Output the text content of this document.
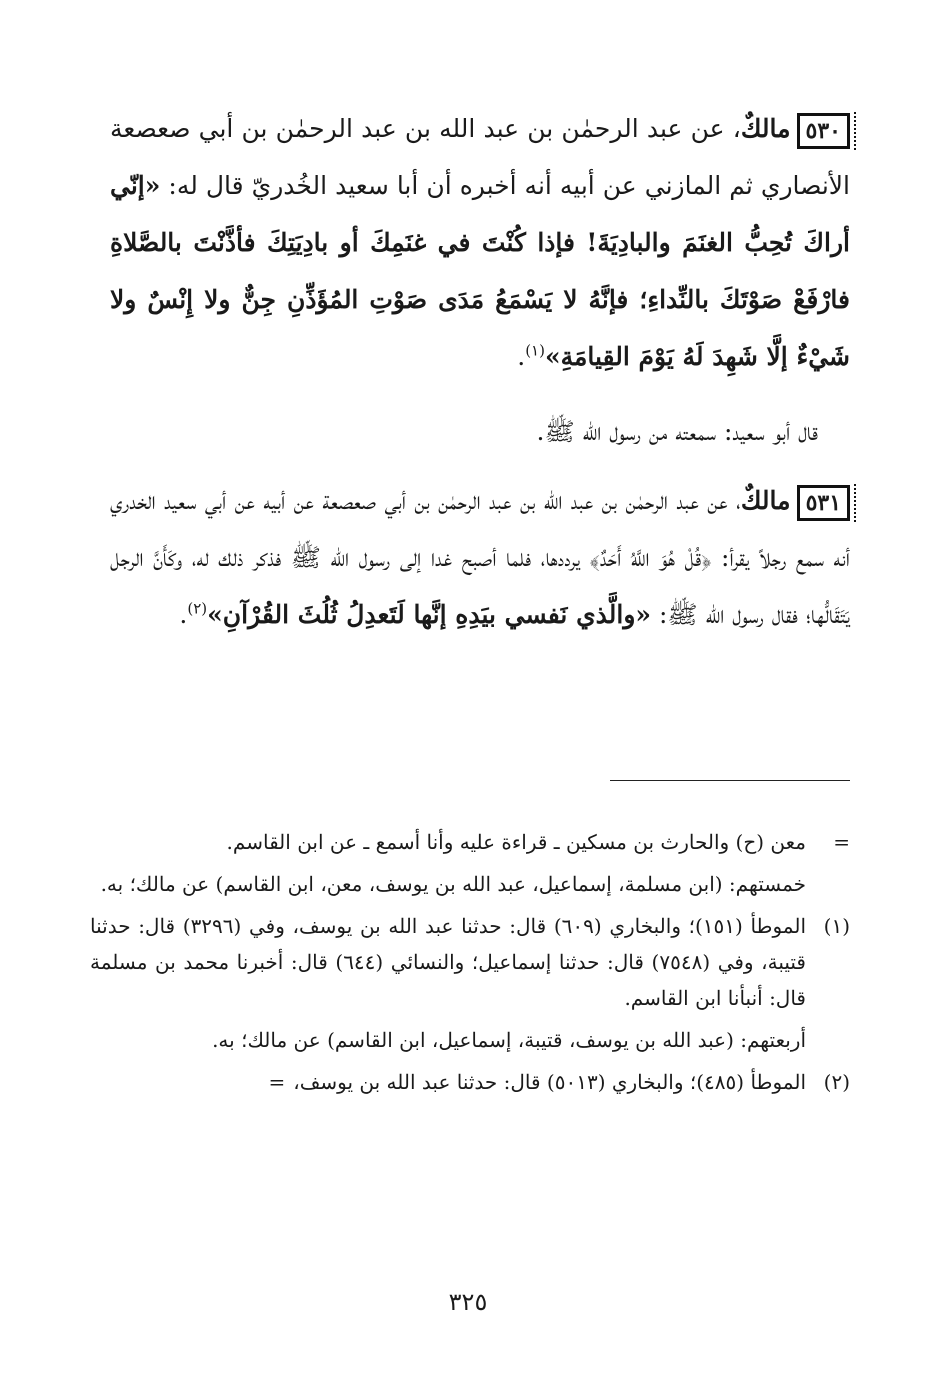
٥٣٠مالكٌ، عن عبد الرحمٰن بن عبد الله بن عبد الرحمٰن بن أبي صعصعة الأنصاري ثم المازني عن أبيه أنه أخبره أن أبا سعيد الخُدريّ قال له: «إنّي أراكَ تُحِبُّ الغنَمَ والبادِيَةَ! فإذا كُنْتَ في غنَمِكَ أو بادِيَتِكَ فأذَّنْتَ بالصَّلاةِ فارْفَعْ صَوْتَكَ بالنِّداءِ؛ فإنَّهُ لا يَسْمَعُ مَدَى صَوْتِ المُؤَذِّنِ جِنٌّ ولا إِنْسٌ ولا شَيْءٌ إلَّا شَهِدَ لَهُ يَوْمَ القِيامَةِ»$^{(١)}$.

قال أبو سعيد: سمعته من رسول الله ﷺ.

٥٣١مالكٌ، عن عبد الرحمٰن بن عبد الله بن عبد الرحمٰن بن أبي صعصعة عن أبيه عن أبي سعيد الخدري أنه سمع رجلاً يقرأ: ﴿قُلْ هُوَ اللَّهُ أَحَدٌ﴾ يرددها، فلما أصبح غدا إلى رسول الله ﷺ فذكر ذلك له، وكَأَنَّ الرجل يَتَقَالُّها؛ فقال رسول الله ﷺ: «والَّذي نَفسي بيَدِهِ إنَّها لَتَعدِلُ ثُلُثَ القُرْآنِ»$^{(٢)}$.

=

معن (ح) والحارث بن مسكين ـ قراءة عليه وأنا أسمع ـ عن ابن القاسم.

خمستهم: (ابن مسلمة، إسماعيل، عبد الله بن يوسف، معن، ابن القاسم) عن مالك؛ به.

(١)

الموطأ (١٥١)؛ والبخاري (٦٠٩) قال: حدثنا عبد الله بن يوسف، وفي (٣٢٩٦) قال: حدثنا قتيبة، وفي (٧٥٤٨) قال: حدثنا إسماعيل؛ والنسائي (٦٤٤) قال: أخبرنا محمد بن مسلمة قال: أنبأنا ابن القاسم.

أربعتهم: (عبد الله بن يوسف، قتيبة، إسماعيل، ابن القاسم) عن مالك؛ به.

(٢)

الموطأ (٤٨٥)؛ والبخاري (٥٠١٣) قال: حدثنا عبد الله بن يوسف،=

٣٢٥
